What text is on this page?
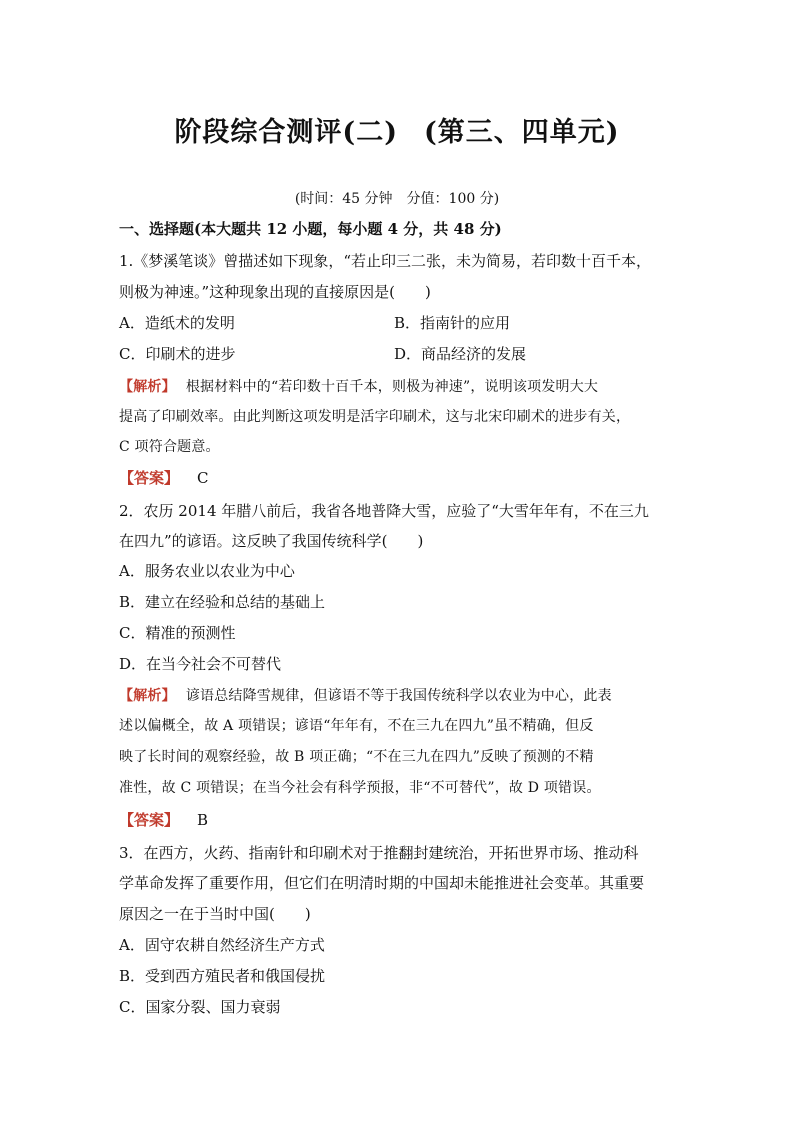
阶段综合测评(二) (第三、四单元)
(时间：45 分钟 分值：100 分)
一、选择题(本大题共 12 小题，每小题 4 分，共 48 分)
1.《梦溪笔谈》曾描述如下现象，“若止印三二张，未为简易，若印数十百千本，
则极为神速。”这种现象出现的直接原因是(　　)
A．造纸术的发明	B．指南针的应用
C．印刷术的进步	D．商品经济的发展
【解析】 根据材料中的“若印数十百千本，则极为神速”，说明该项发明大大
提高了印刷效率。由此判断这项发明是活字印刷术，这与北宋印刷术的进步有关，
C 项符合题意。
【答案】 C
2．农历 2014 年腊八前后，我省各地普降大雪，应验了“大雪年年有，不在三九
在四九”的谚语。这反映了我国传统科学(　　)
A．服务农业以农业为中心
B．建立在经验和总结的基础上
C．精准的预测性
D．在当今社会不可替代
【解析】 谚语总结降雪规律，但谚语不等于我国传统科学以农业为中心，此表
述以偏概全，故 A 项错误；谚语“年年有，不在三九在四九”虽不精确，但反
映了长时间的观察经验，故 B 项正确；“不在三九在四九”反映了预测的不精
准性，故 C 项错误；在当今社会有科学预报，非“不可替代”，故 D 项错误。
【答案】 B
3．在西方，火药、指南针和印刷术对于推翻封建统治，开拓世界市场、推动科
学革命发挥了重要作用，但它们在明清时期的中国却未能推进社会变革。其重要
原因之一在于当时中国(　　)
A．固守农耕自然经济生产方式
B．受到西方殖民者和俄国侵扰
C．国家分裂、国力衰弱
